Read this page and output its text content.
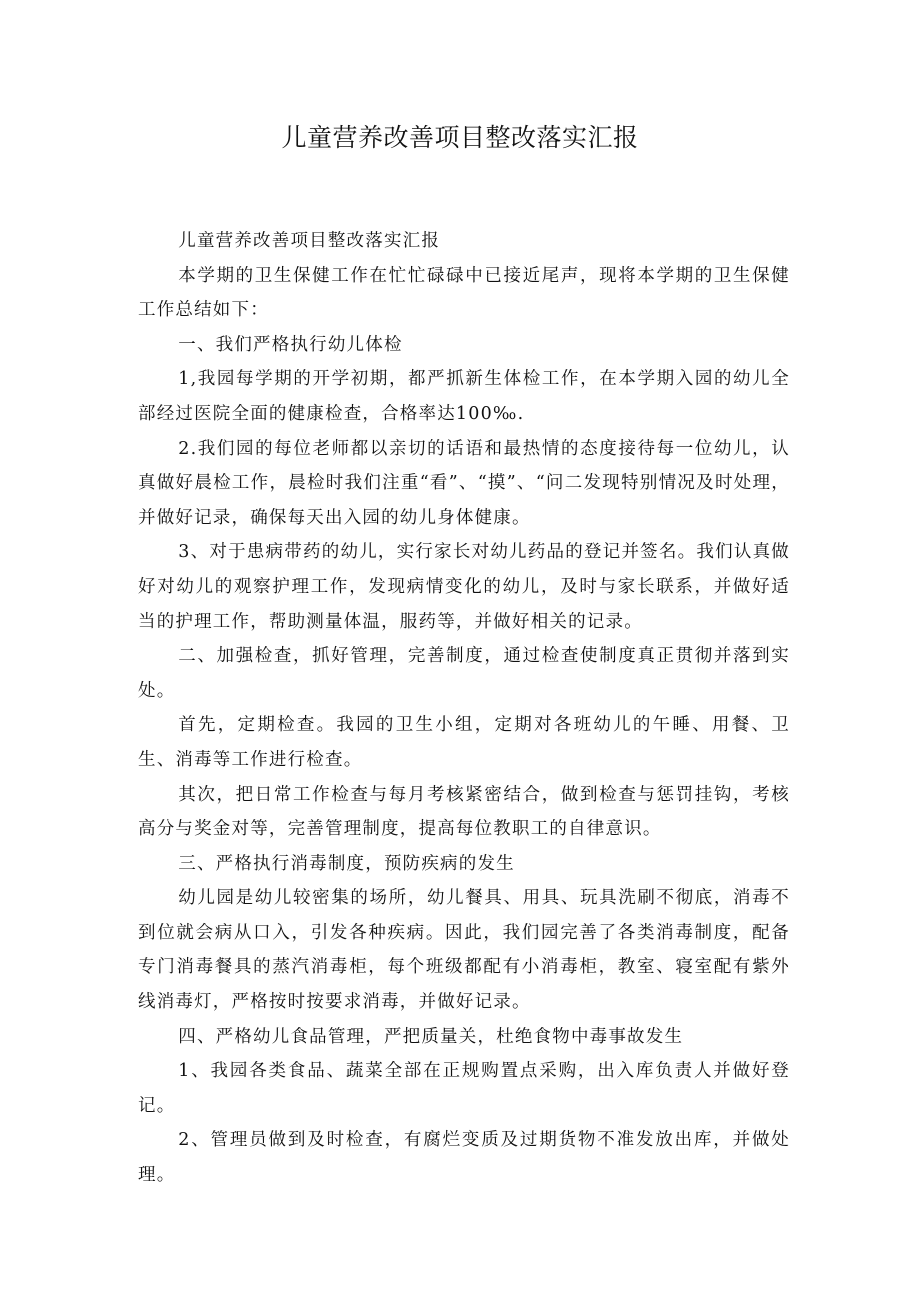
儿童营养改善项目整改落实汇报

儿童营养改善项目整改落实汇报

本学期的卫生保健工作在忙忙碌碌中已接近尾声，现将本学期的卫生保健工作总结如下：

一、我们严格执行幼儿体检

1,我园每学期的开学初期，都严抓新生体检工作，在本学期入园的幼儿全部经过医院全面的健康检查，合格率达100‰.

2.我们园的每位老师都以亲切的话语和最热情的态度接待每一位幼儿，认真做好晨检工作，晨检时我们注重“看”、“摸”、“问二发现特别情况及时处理，并做好记录，确保每天出入园的幼儿身体健康。

3、对于患病带药的幼儿，实行家长对幼儿药品的登记并签名。我们认真做好对幼儿的观察护理工作，发现病情变化的幼儿，及时与家长联系，并做好适当的护理工作，帮助测量体温，服药等，并做好相关的记录。

二、加强检查，抓好管理，完善制度，通过检查使制度真正贯彻并落到实处。

首先，定期检查。我园的卫生小组，定期对各班幼儿的午睡、用餐、卫生、消毒等工作进行检查。

其次，把日常工作检查与每月考核紧密结合，做到检查与惩罚挂钩，考核高分与奖金对等，完善管理制度，提高每位教职工的自律意识。

三、严格执行消毒制度，预防疾病的发生

幼儿园是幼儿较密集的场所，幼儿餐具、用具、玩具洗刷不彻底，消毒不到位就会病从口入，引发各种疾病。因此，我们园完善了各类消毒制度，配备专门消毒餐具的蒸汽消毒柜，每个班级都配有小消毒柜，教室、寝室配有紫外线消毒灯，严格按时按要求消毒，并做好记录。

四、严格幼儿食品管理，严把质量关，杜绝食物中毒事故发生

1、我园各类食品、蔬菜全部在正规购置点采购，出入库负责人并做好登记。

2、管理员做到及时检查，有腐烂变质及过期货物不准发放出库，并做处理。
